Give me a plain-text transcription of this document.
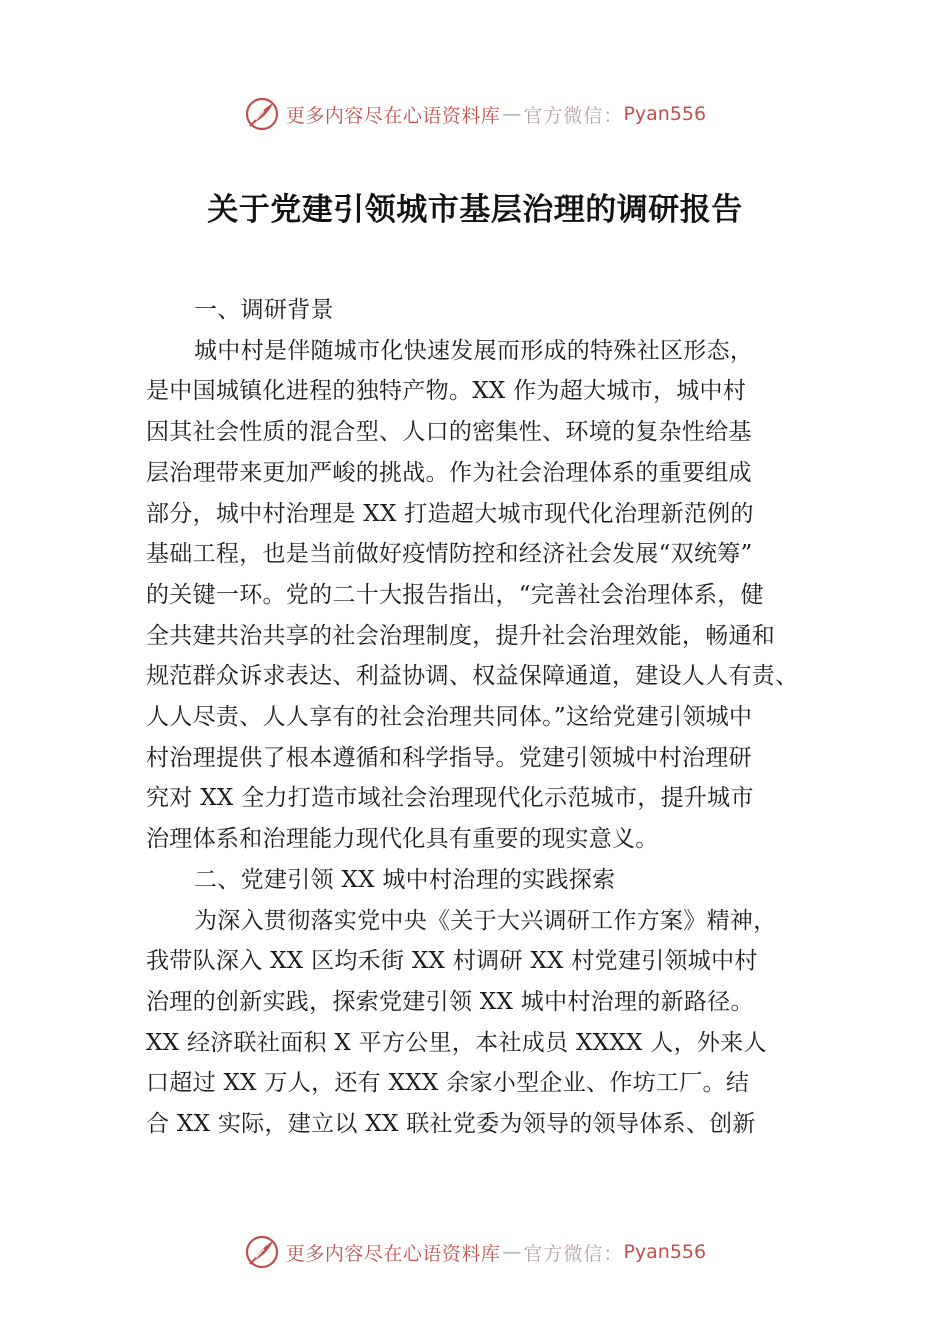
更多内容尽在心语资料库 — 官方微信： Pyan556
关于党建引领城市基层治理的调研报告

一、调研背景

城中村是伴随城市化快速发展而形成的特殊社区形态，
是中国城镇化进程的独特产物。XX 作为超大城市，城中村
因其社会性质的混合型、人口的密集性、环境的复杂性给基
层治理带来更加严峻的挑战。作为社会治理体系的重要组成
部分，城中村治理是 XX 打造超大城市现代化治理新范例的
基础工程，也是当前做好疫情防控和经济社会发展“双统筹”
的关键一环。党的二十大报告指出，“完善社会治理体系，健
全共建共治共享的社会治理制度，提升社会治理效能，畅通和
规范群众诉求表达、利益协调、权益保障通道，建设人人有责、
人人尽责、人人享有的社会治理共同体。”这给党建引领城中
村治理提供了根本遵循和科学指导。党建引领城中村治理研
究对 XX 全力打造市域社会治理现代化示范城市，提升城市
治理体系和治理能力现代化具有重要的现实意义。

二、党建引领 XX 城中村治理的实践探索

为深入贯彻落实党中央《关于大兴调研工作方案》精神，
我带队深入 XX 区均禾街 XX 村调研 XX 村党建引领城中村
治理的创新实践，探索党建引领 XX 城中村治理的新路径。
XX 经济联社面积 X 平方公里，本社成员 XXXX 人，外来人
口超过 XX 万人，还有 XXX 余家小型企业、作坊工厂。结
合 XX 实际，建立以 XX 联社党委为领导的领导体系、创新

更多内容尽在心语资料库 — 官方微信： Pyan556
